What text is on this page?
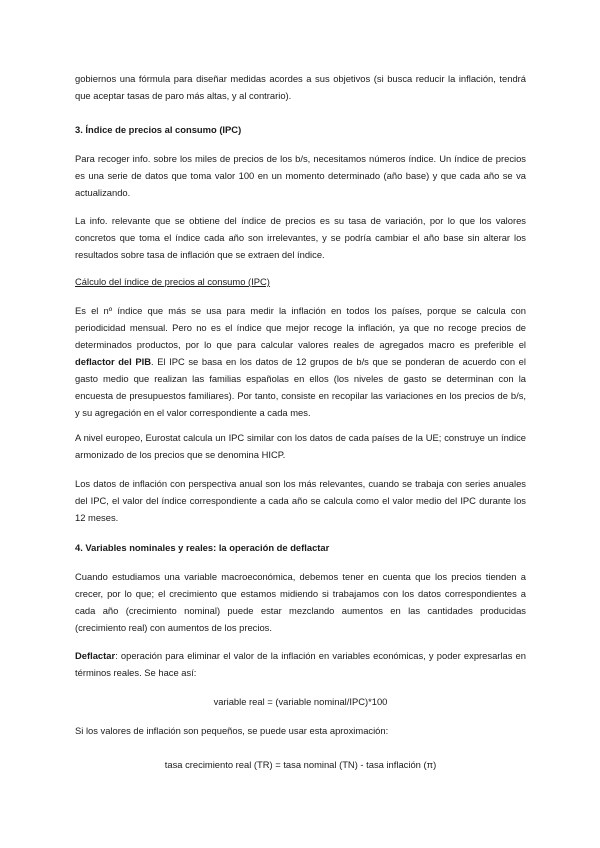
gobiernos una fórmula para diseñar medidas acordes a sus objetivos (si busca reducir la inflación, tendrá que aceptar tasas de paro más altas, y al contrario).

3. Índice de precios al consumo (IPC)

Para recoger info. sobre los miles de precios de los b/s, necesitamos números índice. Un índice de precios es una serie de datos que toma valor 100 en un momento determinado (año base) y que cada año se va actualizando.

La info. relevante que se obtiene del índice de precios es su tasa de variación, por lo que los valores concretos que toma el índice cada año son irrelevantes, y se podría cambiar el año base sin alterar los resultados sobre tasa de inflación que se extraen del índice.

Cálculo del índice de precios al consumo (IPC)

Es el nº índice que más se usa para medir la inflación en todos los países, porque se calcula con periodicidad mensual. Pero no es el índice que mejor recoge la inflación, ya que no recoge precios de determinados productos, por lo que para calcular valores reales de agregados macro es preferible el deflactor del PIB. El IPC se basa en los datos de 12 grupos de b/s que se ponderan de acuerdo con el gasto medio que realizan las familias españolas en ellos (los niveles de gasto se determinan con la encuesta de presupuestos familiares). Por tanto, consiste en recopilar las variaciones en los precios de b/s, y su agregación en el valor correspondiente a cada mes.

A nivel europeo, Eurostat calcula un IPC similar con los datos de cada países de la UE; construye un índice armonizado de los precios que se denomina HICP.

Los datos de inflación con perspectiva anual son los más relevantes, cuando se trabaja con series anuales del IPC, el valor del índice correspondiente a cada año se calcula como el valor medio del IPC durante los 12 meses.

4. Variables nominales y reales: la operación de deflactar

Cuando estudiamos una variable macroeconómica, debemos tener en cuenta que los precios tienden a crecer, por lo que; el crecimiento que estamos midiendo si trabajamos con los datos correspondientes a cada año (crecimiento nominal) puede estar mezclando aumentos en las cantidades producidas (crecimiento real) con aumentos de los precios.

Deflactar: operación para eliminar el valor de la inflación en variables económicas, y poder expresarlas en términos reales. Se hace así:

variable real = (variable nominal/IPC)*100

Si los valores de inflación son pequeños, se puede usar esta aproximación:

tasa crecimiento real (TR) = tasa nominal (TN) - tasa inflación (π)
